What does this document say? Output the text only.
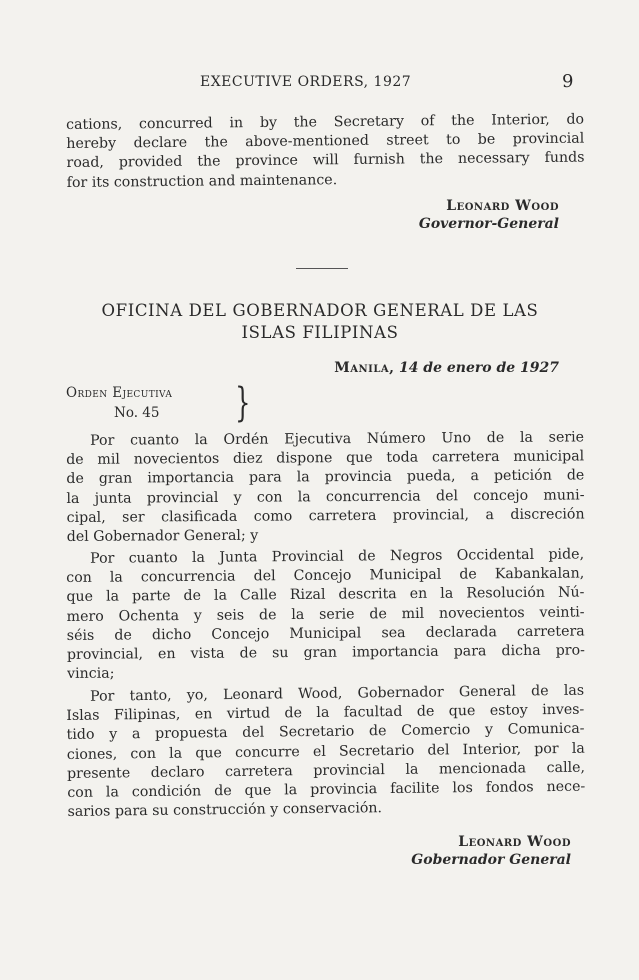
EXECUTIVE ORDERS, 1927	9

cations, concurred in by the Secretary of the Interior, do
hereby declare the above-mentioned street to be provincial
road, provided the province will furnish the necessary funds
for its construction and maintenance.

Leonard Wood
Governor-General
OFICINA DEL GOBERNADOR GENERAL DE LAS
ISLAS FILIPINAS
Manila, 14 de enero de 1927
Orden Ejecutiva
No. 45 }

Por cuanto la Ordén Ejecutiva Número Uno de la serie
de mil novecientos diez dispone que toda carretera municipal
de gran importancia para la provincia pueda, a petición de
la junta provincial y con la concurrencia del concejo muni-
cipal, ser clasificada como carretera provincial, a discreción
del Gobernador General; y

Por cuanto la Junta Provincial de Negros Occidental pide,
con la concurrencia del Concejo Municipal de Kabankalan,
que la parte de la Calle Rizal descrita en la Resolución Nú-
mero Ochenta y seis de la serie de mil novecientos veinti-
séis de dicho Concejo Municipal sea declarada carretera
provincial, en vista de su gran importancia para dicha pro-
vincia;

Por tanto, yo, Leonard Wood, Gobernador General de las
Islas Filipinas, en virtud de la facultad de que estoy inves-
tido y a propuesta del Secretario de Comercio y Comunica-
ciones, con la que concurre el Secretario del Interior, por la
presente declaro carretera provincial la mencionada calle,
con la condición de que la provincia facilite los fondos nece-
sarios para su construcción y conservación.

Leonard Wood
Gobernador General
